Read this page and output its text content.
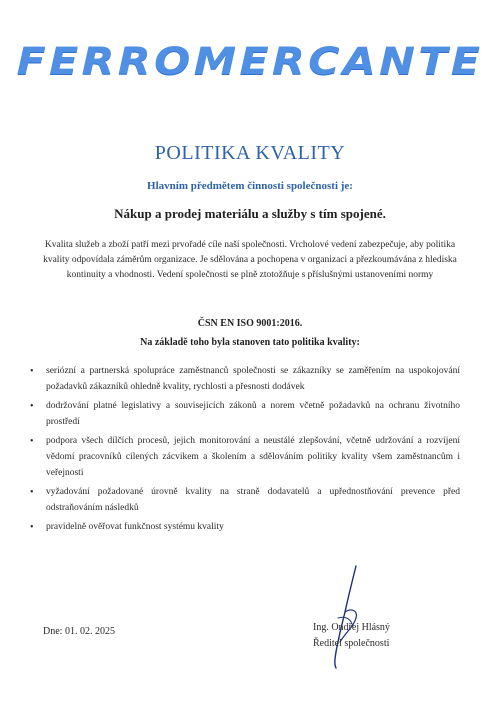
FERROMERCANTE
POLITIKA KVALITY
Hlavním předmětem činnosti společnosti je:
Nákup a prodej materiálu a služby s tím spojené.
Kvalita služeb a zboží patří mezi prvořadé cíle naší společnosti. Vrcholové vedení zabezpečuje, aby politika kvality odpovídala záměrům organizace. Je sdělována a pochopena v organizaci a přezkoumávána z hlediska kontinuity a vhodnosti. Vedení společnosti se plně ztotožňuje s příslušnými ustanoveními normy
ČSN EN ISO 9001:2016.
Na základě toho byla stanoven tato politika kvality:
• seriózní a partnerská spolupráce zaměstnanců společnosti se zákazníky se zaměřením na uspokojování požadavků zákazníků ohledně kvality, rychlosti a přesnosti dodávek
• dodržování platné legislativy a souvisejících zákonů a norem včetně požadavků na ochranu životního prostředí
• podpora všech dílčích procesů, jejich monitorování a neustálé zlepšování, včetně udržování a rozvíjení vědomí pracovníků cílených zácvikem a školením a sdělováním politiky kvality všem zaměstnancům i veřejnosti
• vyžadování požadované úrovně kvality na straně dodavatelů a upřednostňování prevence před odstraňováním následků
• pravidelně ověřovat funkčnost systému kvality
Dne: 01. 02. 2025	Ing. Ondřej Hlásný
Ředitel společnosti
